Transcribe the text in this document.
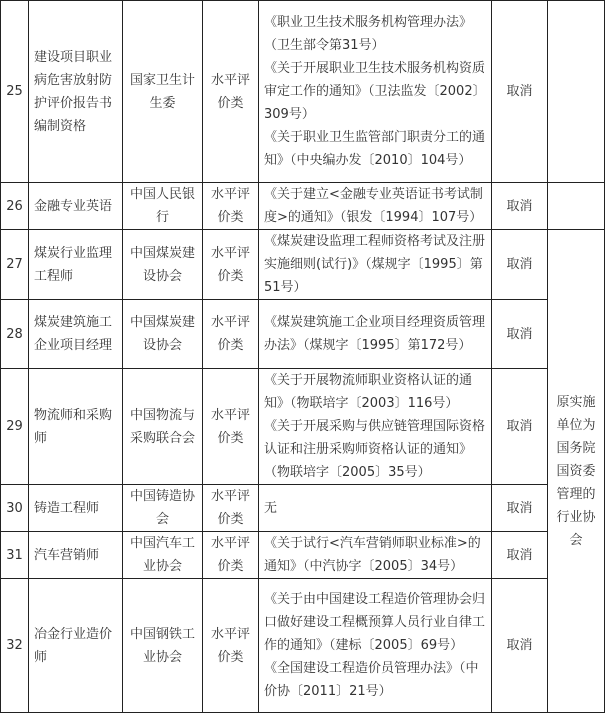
25	建设项目职业病危害放射防护评价报告书编制资格	国家卫生计生委	水平评价类	《职业卫生技术服务机构管理办法》（卫生部令第31号）
《关于开展职业卫生技术服务机构资质审定工作的通知》（卫法监发〔2002〕309号）
《关于职业卫生监管部门职责分工的通知》（中央编办发〔2010〕104号）	取消	
26	金融专业英语	中国人民银行	水平评价类	《关于建立<金融专业英语证书考试制度>的通知》（银发〔1994〕107号）	取消	
27	煤炭行业监理工程师	中国煤炭建设协会	水平评价类	《煤炭建设监理工程师资格考试及注册实施细则(试行)》（煤规字〔1995〕第51号）	取消	原实施单位为国务院国资委管理的行业协会
28	煤炭建筑施工企业项目经理	中国煤炭建设协会	水平评价类	《煤炭建筑施工企业项目经理资质管理办法》（煤规字〔1995〕第172号）	取消	
29	物流师和采购师	中国物流与采购联合会	水平评价类	《关于开展物流师职业资格认证的通知》（物联培字〔2003〕116号）
《关于开展采购与供应链管理国际资格认证和注册采购师资格认证的通知》（物联培字〔2005〕35号）	取消	
30	铸造工程师	中国铸造协会	水平评价类	无	取消	
31	汽车营销师	中国汽车工业协会	水平评价类	《关于试行<汽车营销师职业标准>的通知》（中汽协字〔2005〕34号）	取消	
32	冶金行业造价师	中国钢铁工业协会	水平评价类	《关于由中国建设工程造价管理协会归口做好建设工程概预算人员行业自律工作的通知》（建标〔2005〕69号）
《全国建设工程造价员管理办法》（中价协〔2011〕21号）	取消	
